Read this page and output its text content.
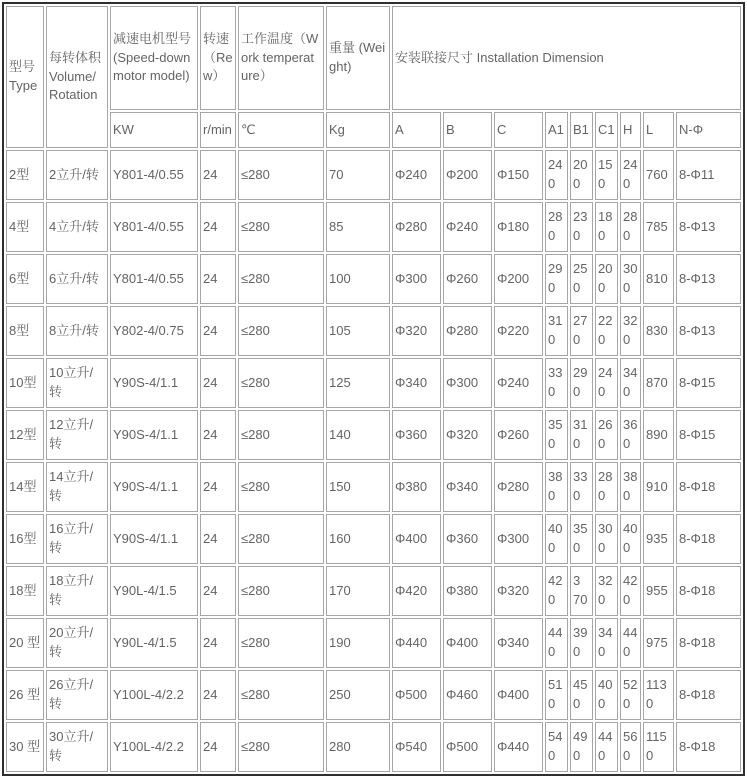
型号 Type	每转体积 Volume/Rotation	减速电机型号(Speed-down motor model)	转速（Re w）	工作温度（Work temperature）	重量 (Weight)	安装联接尺寸 Installation Dimension								
		KW	r/min	℃	Kg	A	B	C	A1	B1	C1	H	L	N-Φ
2型	2立升/转	Y801-4/0.55	24	≤280	70	Φ240	Φ200	Φ150	240	200	150	240	760	8-Φ11
4型	4立升/转	Y801-4/0.55	24	≤280	85	Φ280	Φ240	Φ180	280	230	180	280	785	8-Φ13
6型	6立升/转	Y801-4/0.55	24	≤280	100	Φ300	Φ260	Φ200	290	250	200	300	810	8-Φ13
8型	8立升/转	Y802-4/0.75	24	≤280	105	Φ320	Φ280	Φ220	310	270	220	320	830	8-Φ13
10型	10立升/转	Y90S-4/1.1	24	≤280	125	Φ340	Φ300	Φ240	330	290	240	340	870	8-Φ15
12型	12立升/转	Y90S-4/1.1	24	≤280	140	Φ360	Φ320	Φ260	350	310	260	360	890	8-Φ15
14型	14立升/转	Y90S-4/1.1	24	≤280	150	Φ380	Φ340	Φ280	380	330	280	380	910	8-Φ18
16型	16立升/转	Y90S-4/1.1	24	≤280	160	Φ400	Φ360	Φ300	400	350	300	400	935	8-Φ18
18型	18立升/转	Y90L-4/1.5	24	≤280	170	Φ420	Φ380	Φ320	420	3 70	320	420	955	8-Φ18
20 型	20立升/转	Y90L-4/1.5	24	≤280	190	Φ440	Φ400	Φ340	440	390	340	440	975	8-Φ18
26 型	26立升/转	Y100L-4/2.2	24	≤280	250	Φ500	Φ460	Φ400	510	450	400	520	1130	8-Φ18
30 型	30立升/转	Y100L-4/2.2	24	≤280	280	Φ540	Φ500	Φ440	540	490	440	560	1150	8-Φ18
